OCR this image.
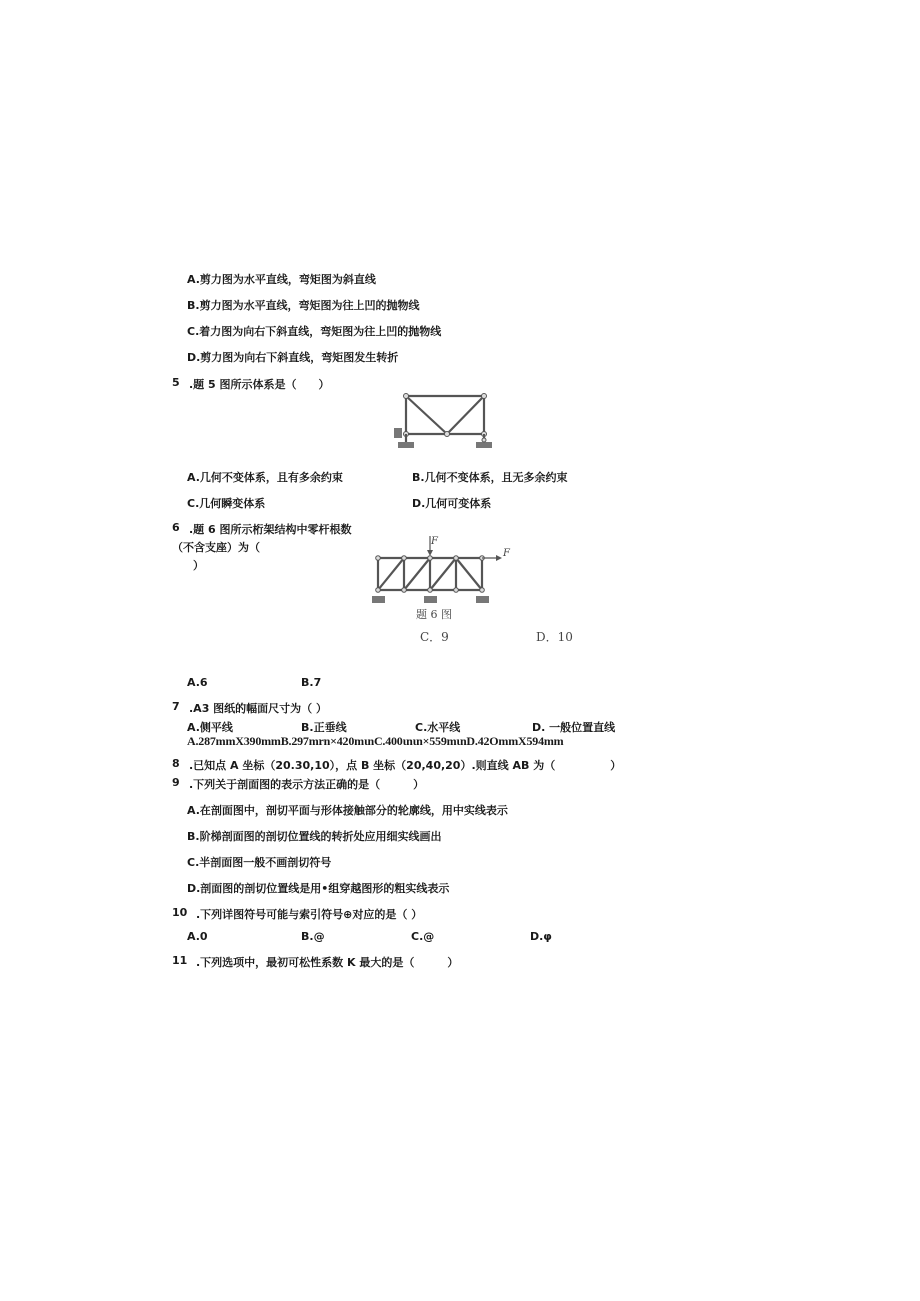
A.剪力图为水平直线，弯矩图为斜直线
B.剪力图为水平直线，弯矩图为往上凹的抛物线
C.着力图为向右下斜直线，弯矩图为往上凹的抛物线
D.剪力图为向右下斜直线，弯矩图发生转折
5 .题 5 图所示体系是（　　）
A.几何不变体系，且有多余约束	B.几何不变体系，且无多余约束
C.几何瞬变体系	D.几何可变体系
6 .题 6 图所示桁架结构中零杆根数
（不含支座）为（
）
F
F
题 6 图
C．9	D．10
A.6	B.7
7 .A3 图纸的幅面尺寸为（ ）
A.侧平线	B.正垂线	C.水平线	D. 一般位置直线
A.287mmX390mmB.297mrn×420mιnC.400ιnιn×559mιnD.42OmmX594mm
8 .已知点 A 坐标（20.30,10），点 B 坐标（20,40,20）.则直线 AB 为（　　　　　）
9 .下列关于剖面图的表示方法正确的是（　　　）
A.在剖面图中，剖切平面与形体接触部分的轮廓线，用中实线表示
B.阶梯剖面图的剖切位置线的转折处应用细实线画出
C.半剖面图一般不画剖切符号
D.剖面图的剖切位置线是用•组穿越图形的粗实线表示
10 .下列详图符号可能与索引符号⊕对应的是（ ）
A.0	B.@	C.@	D.φ
11 .下列选项中，最初可松性系数 K 最大的是（　　　）
